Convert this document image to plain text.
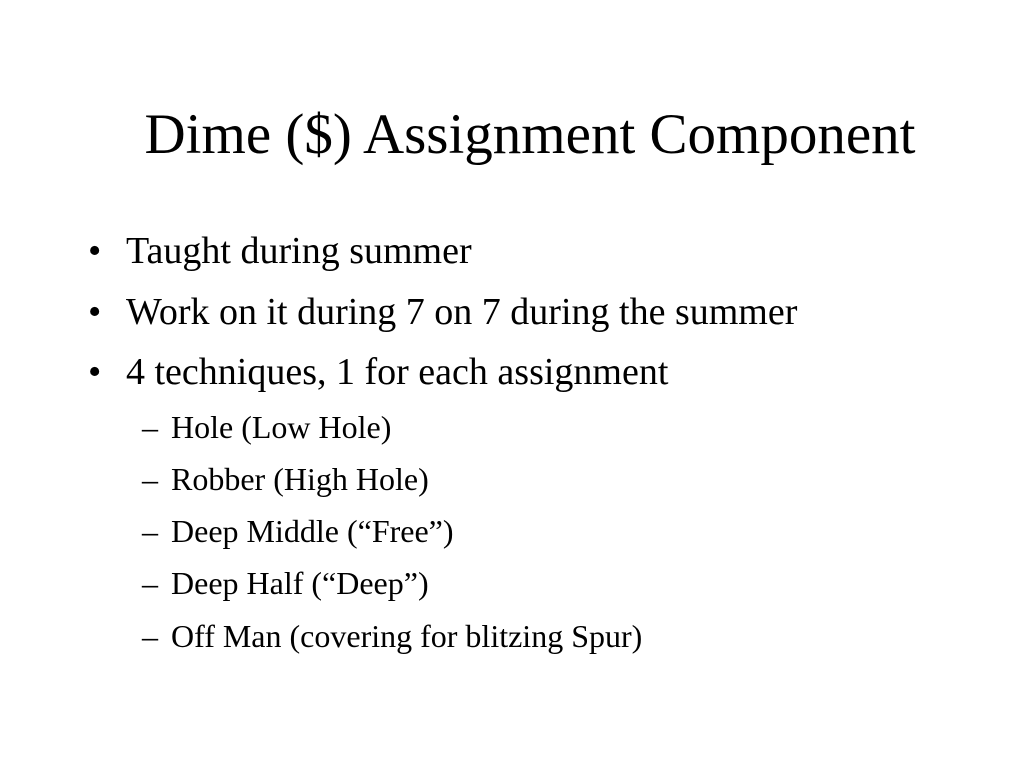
Dime ($) Assignment Component
• Taught during summer
• Work on it during 7 on 7 during the summer
• 4 techniques, 1 for each assignment
– Hole (Low Hole)
– Robber (High Hole)
– Deep Middle (“Free”)
– Deep Half (“Deep”)
– Off Man (covering for blitzing Spur)
